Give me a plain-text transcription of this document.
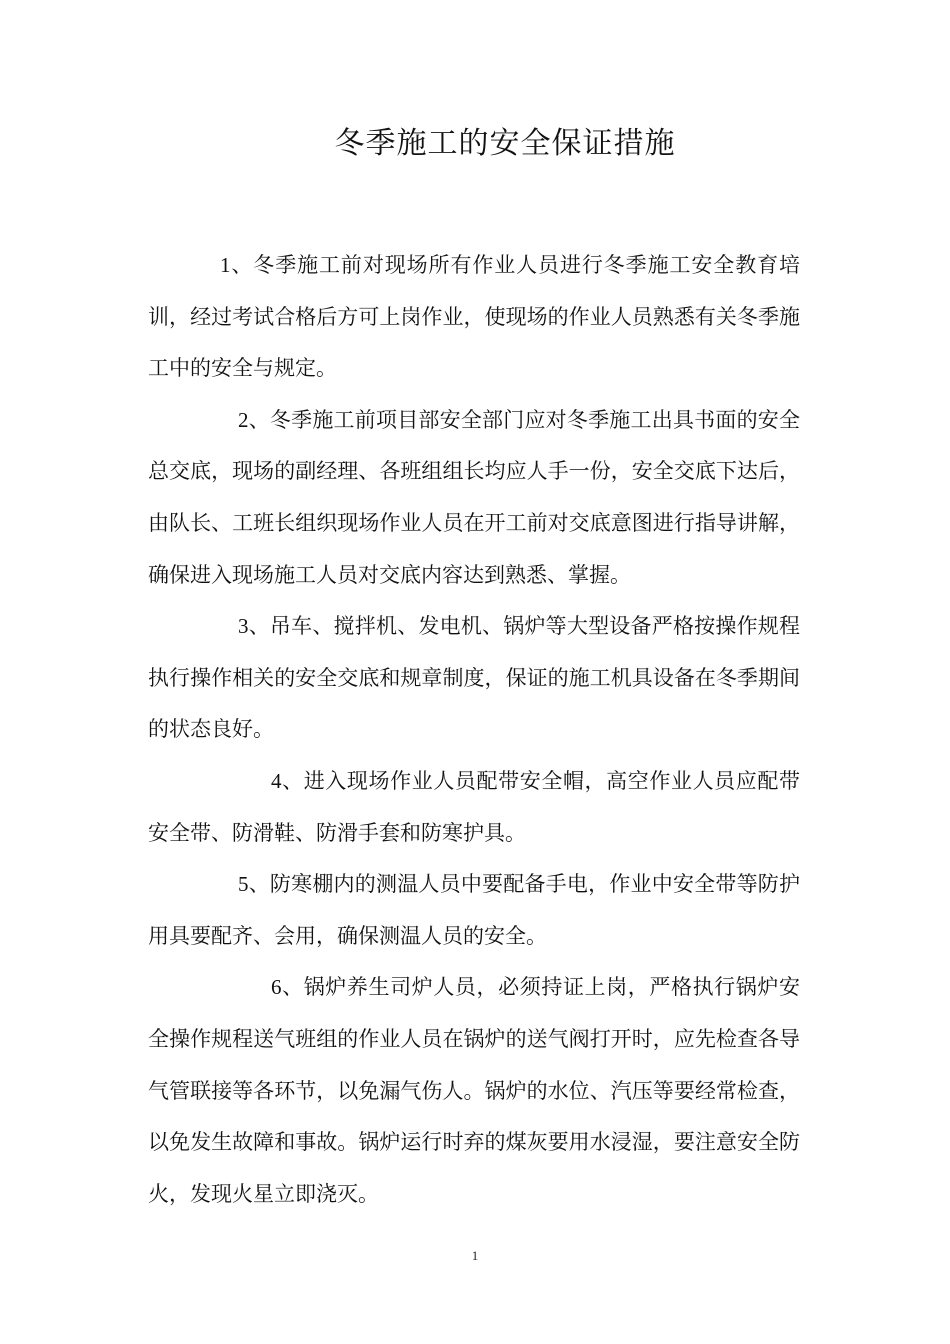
冬季施工的安全保证措施

1、冬季施工前对现场所有作业人员进行冬季施工安全教育培训，经过考试合格后方可上岗作业，使现场的作业人员熟悉有关冬季施工中的安全与规定。

2、冬季施工前项目部安全部门应对冬季施工出具书面的安全总交底，现场的副经理、各班组组长均应人手一份，安全交底下达后，由队长、工班长组织现场作业人员在开工前对交底意图进行指导讲解，确保进入现场施工人员对交底内容达到熟悉、掌握。

3、吊车、搅拌机、发电机、锅炉等大型设备严格按操作规程执行操作相关的安全交底和规章制度，保证的施工机具设备在冬季期间的状态良好。

4、进入现场作业人员配带安全帽，高空作业人员应配带安全带、防滑鞋、防滑手套和防寒护具。

5、防寒棚内的测温人员中要配备手电，作业中安全带等防护用具要配齐、会用，确保测温人员的安全。

6、锅炉养生司炉人员，必须持证上岗，严格执行锅炉安全操作规程送气班组的作业人员在锅炉的送气阀打开时，应先检查各导气管联接等各环节，以免漏气伤人。锅炉的水位、汽压等要经常检查，以免发生故障和事故。锅炉运行时弃的煤灰要用水浸湿，要注意安全防火，发现火星立即浇灭。

1
